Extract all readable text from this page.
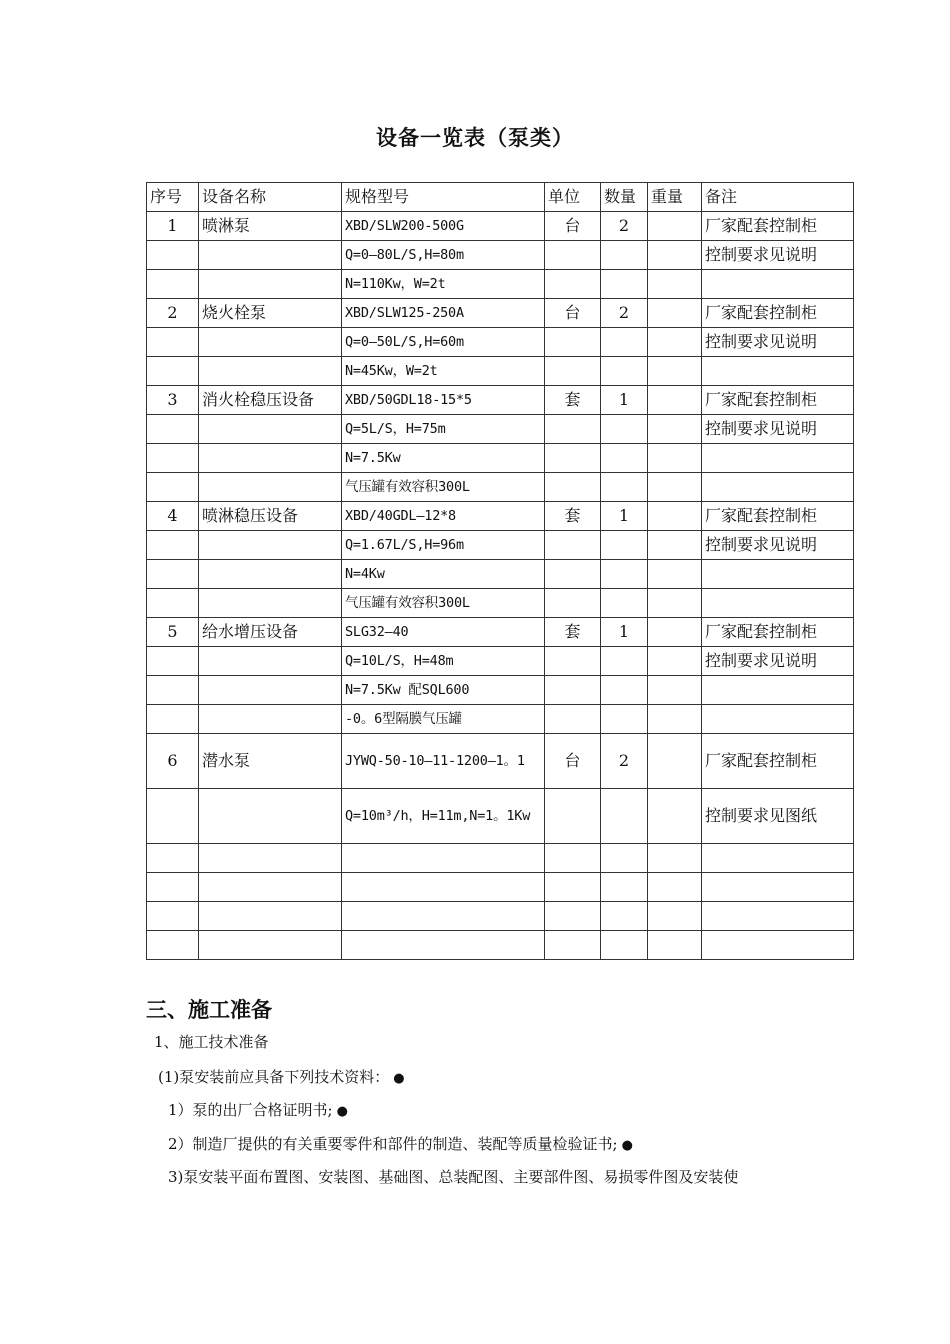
设备一览表（泵类）
序号	设备名称	规格型号	单位	数量	重量	备注
1	喷淋泵	XBD/SLW200-500G	台	2		厂家配套控制柜
		Q=0—80L/S,H=80m				控制要求见说明
		N=110Kw，W=2t				
2	烧火栓泵	XBD/SLW125-250A	台	2		厂家配套控制柜
		Q=0—50L/S,H=60m				控制要求见说明
		N=45Kw，W=2t				
3	消火栓稳压设备	XBD/50GDL18-15*5	套	1		厂家配套控制柜
		Q=5L/S，H=75m				控制要求见说明
		N=7.5Kw				
		气压罐有效容积300L				
4	喷淋稳压设备	XBD/40GDL—12*8	套	1		厂家配套控制柜
		Q=1.67L/S,H=96m				控制要求见说明
		N=4Kw				
		气压罐有效容积300L				
5	给水增压设备	SLG32—40	套	1		厂家配套控制柜
		Q=10L/S，H=48m				控制要求见说明
		N=7.5Kw 配SQL600				
		-0。6型隔膜气压罐				
6	潜水泵	JYWQ-50-10—11-1200—1。1	台	2		厂家配套控制柜
		Q=10m³/h，H=11m,N=1。1Kw				控制要求见图纸

三、施工准备
1、施工技术准备
(1)泵安装前应具备下列技术资料： ●
1）泵的出厂合格证明书; ●
2）制造厂提供的有关重要零件和部件的制造、装配等质量检验证书; ●
3)泵安装平面布置图、安装图、基础图、总装配图、主要部件图、易损零件图及安装使
